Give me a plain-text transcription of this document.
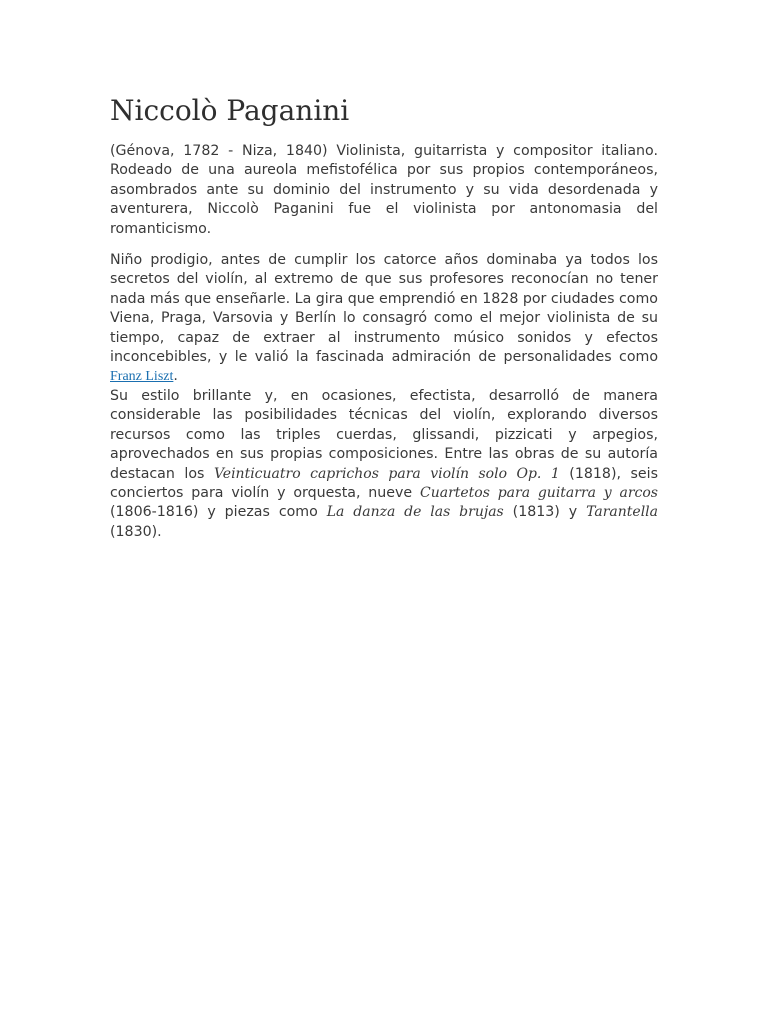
Niccolò Paganini

(Génova, 1782 - Niza, 1840) Violinista, guitarrista y compositor italiano. Rodeado de una aureola mefistofélica por sus propios contemporáneos, asombrados ante su dominio del instrumento y su vida desordenada y aventurera, Niccolò Paganini fue el violinista por antonomasia del romanticismo.

Niño prodigio, antes de cumplir los catorce años dominaba ya todos los secretos del violín, al extremo de que sus profesores reconocían no tener nada más que enseñarle. La gira que emprendió en 1828 por ciudades como Viena, Praga, Varsovia y Berlín lo consagró como el mejor violinista de su tiempo, capaz de extraer al instrumento músico sonidos y efectos inconcebibles, y le valió la fascinada admiración de personalidades como Franz Liszt.

Su estilo brillante y, en ocasiones, efectista, desarrolló de manera considerable las posibilidades técnicas del violín, explorando diversos recursos como las triples cuerdas, glissandi, pizzicati y arpegios, aprovechados en sus propias composiciones. Entre las obras de su autoría destacan los Veinticuatro caprichos para violín solo Op. 1 (1818), seis conciertos para violín y orquesta, nueve Cuartetos para guitarra y arcos (1806-1816) y piezas como La danza de las brujas (1813) y Tarantella (1830).
